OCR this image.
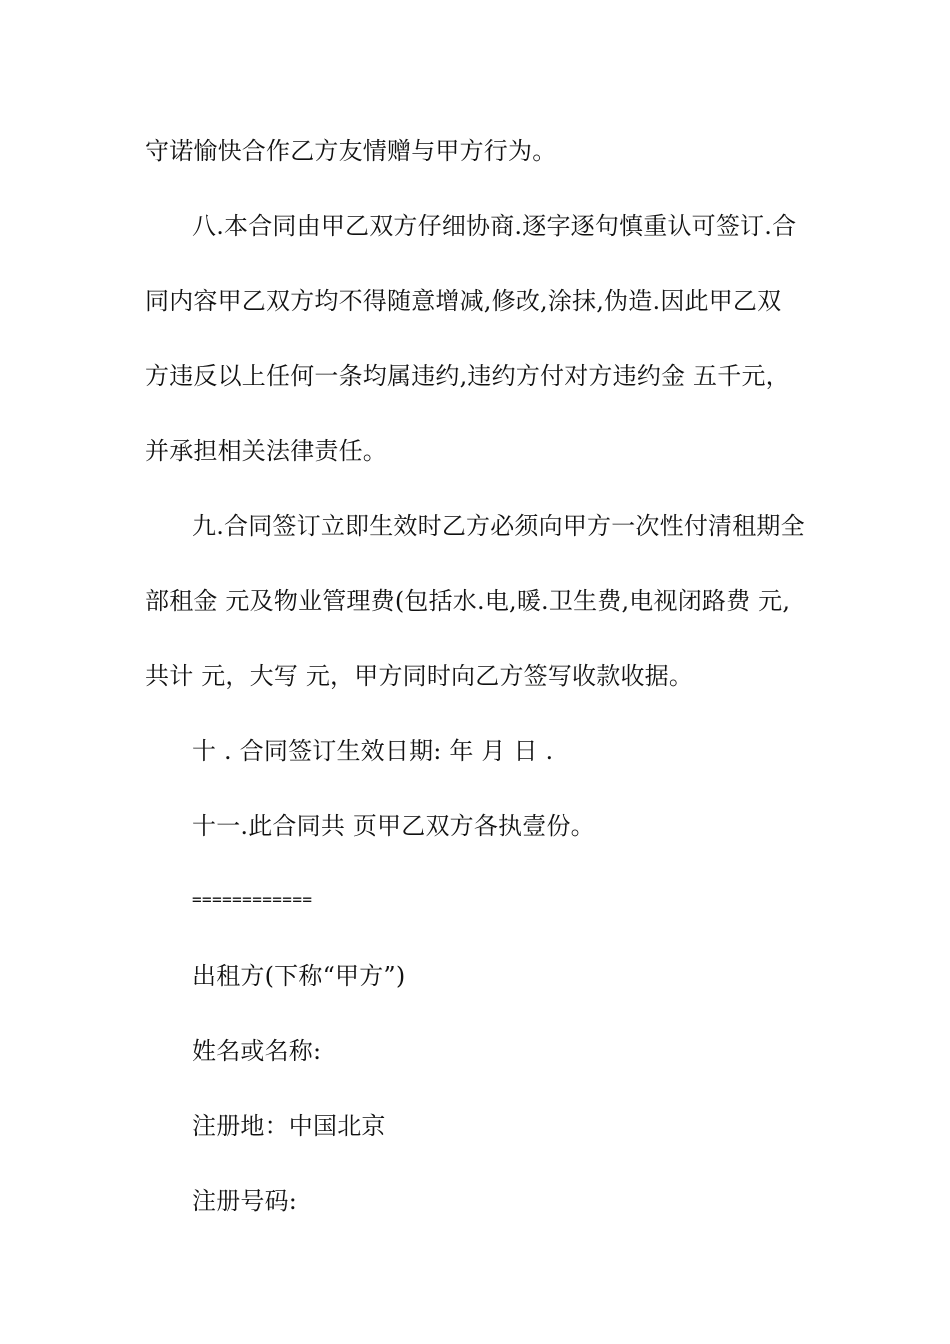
守诺愉快合作乙方友情赠与甲方行为。
八.本合同由甲乙双方仔细协商.逐字逐句慎重认可签订.合
同内容甲乙双方均不得随意增减,修改,涂抹,伪造.因此甲乙双
方违反以上任何一条均属违约,违约方付对方违约金 五千元，
并承担相关法律责任。
九.合同签订立即生效时乙方必须向甲方一次性付清租期全
部租金 元及物业管理费(包括水.电,暖.卫生费,电视闭路费 元,
共计 元，大写 元，甲方同时向乙方签写收款收据。
十 . 合同签订生效日期: 年 月 日 .
十一.此合同共 页甲乙双方各执壹份。
============
出租方(下称“甲方”)
姓名或名称:
注册地：中国北京
注册号码:
